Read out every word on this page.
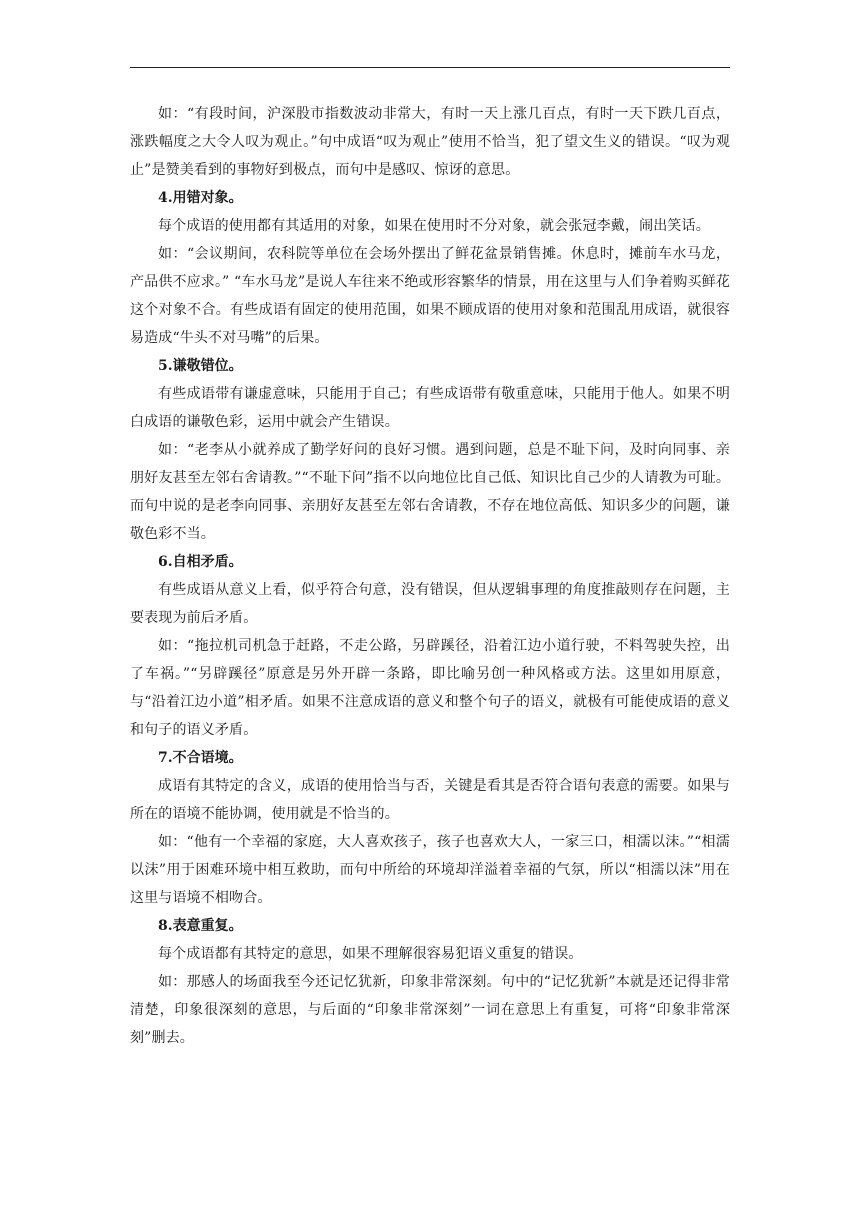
如：“有段时间，沪深股市指数波动非常大，有时一天上涨几百点，有时一天下跌几百点，涨跌幅度之大令人叹为观止。”句中成语“叹为观止”使用不恰当，犯了望文生义的错误。“叹为观止”是赞美看到的事物好到极点，而句中是感叹、惊讶的意思。

4.用错对象。

每个成语的使用都有其适用的对象，如果在使用时不分对象，就会张冠李戴，闹出笑话。

如：“会议期间，农科院等单位在会场外摆出了鲜花盆景销售摊。休息时，摊前车水马龙，产品供不应求。” “车水马龙”是说人车往来不绝或形容繁华的情景，用在这里与人们争着购买鲜花这个对象不合。有些成语有固定的使用范围，如果不顾成语的使用对象和范围乱用成语，就很容易造成“牛头不对马嘴”的后果。

5.谦敬错位。

有些成语带有谦虚意味，只能用于自己；有些成语带有敬重意味，只能用于他人。如果不明白成语的谦敬色彩，运用中就会产生错误。

如：“老李从小就养成了勤学好问的良好习惯。遇到问题，总是不耻下问，及时向同事、亲朋好友甚至左邻右舍请教。”“不耻下问”指不以向地位比自己低、知识比自己少的人请教为可耻。而句中说的是老李向同事、亲朋好友甚至左邻右舍请教，不存在地位高低、知识多少的问题，谦敬色彩不当。

6.自相矛盾。

有些成语从意义上看，似乎符合句意，没有错误，但从逻辑事理的角度推敲则存在问题，主要表现为前后矛盾。

如：“拖拉机司机急于赶路，不走公路，另辟蹊径，沿着江边小道行驶，不料驾驶失控，出了车祸。”“另辟蹊径”原意是另外开辟一条路，即比喻另创一种风格或方法。这里如用原意，与“沿着江边小道”相矛盾。如果不注意成语的意义和整个句子的语义，就极有可能使成语的意义和句子的语义矛盾。

7.不合语境。

成语有其特定的含义，成语的使用恰当与否，关键是看其是否符合语句表意的需要。如果与所在的语境不能协调，使用就是不恰当的。

如：“他有一个幸福的家庭，大人喜欢孩子，孩子也喜欢大人，一家三口，相濡以沫。”“相濡以沫”用于困难环境中相互救助，而句中所给的环境却洋溢着幸福的气氛，所以“相濡以沫”用在这里与语境不相吻合。

8.表意重复。

每个成语都有其特定的意思，如果不理解很容易犯语义重复的错误。

如：那感人的场面我至今还记忆犹新，印象非常深刻。句中的“记忆犹新”本就是还记得非常清楚，印象很深刻的意思，与后面的“印象非常深刻”一词在意思上有重复，可将“印象非常深刻”删去。
